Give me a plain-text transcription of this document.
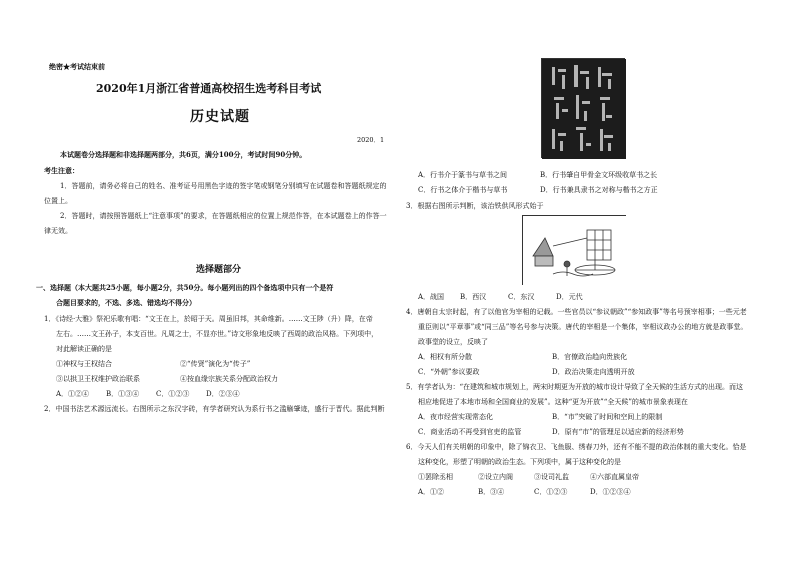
绝密★考试结束前
2020年1月浙江省普通高校招生选考科目考试
历史试题
2020．1
本试题卷分选择题和非选择题两部分，共6页，满分100分，考试时间90分钟。
考生注意：
1．答题前，请务必将自己的姓名、准考证号用黑色字迹的签字笔或钢笔分别填写在试题卷和答题纸规定的
位置上。
2．答题时，请按照答题纸上“注意事项”的要求，在答题纸相应的位置上规范作答，在本试题卷上的作答一
律无效。
选择题部分
一、选择题（本大题共25小题，每小题2分，共50分。每小题列出的四个备选项中只有一个是符
合题目要求的，不选、多选、错选均不得分）
1．《诗经·大雅》祭祀乐歌有唱：“文王在上，於昭于天。周虽旧邦，其命维新。……文王陟（升）降，在帝
左右。……文王孙子，本支百世。凡周之士，不显亦世。”诗文形象地反映了西周的政治风格。下列项中，
对此解读正确的是
①神权与王权结合	②“传贤”演化为“传子”
③以拱卫王权维护政治联系	④按血缘宗族关系分配政治权力
A．①②④ B．①③④ C．①②③ D．②③④
2．中国书法艺术源远流长。右图所示之东汉字砖，有学者研究认为系行书之滥觞肇迹，盛行于晋代。据此判断
A．行书介于篆书与草书之间	B．行书肇自甲骨金文环级收草书之长
C．行书之体介于楷书与草书	D．行书兼具隶书之对称与楷书之方正
3．根据右图所示判断，该治铁供风形式始于
A．战国 B．西汉	C．东汉	D．元代
4．唐朝自太宗时起，有了以他官为宰相的记载。一些官员以“参议朝政”“参知政事”等名号预宰相事；一些元老
重臣则以“平章事”或“同三品”等名号参与决策。唐代的宰相是一个集体，宰相议政办公的地方就是政事堂。
政事堂的设立，反映了
A．相权有所分散	B．官僚政治趋向贵族化
C．“外朝”参议要政	D．政治决策走向透明开放
5．有学者认为：“在建筑和城市规划上，两宋时期更为开放的城市设计导致了全天候的生活方式的出现。而这
相应地促进了本地市场和全国商业的发展”。这种“更为开放”“全天候”的城市景象表现在
A．夜市经营实现常态化	B．“市”突破了时间和空间上的限制
C．商业活动不再受到官吏的监管	D．原有“市”的管理足以适应新的经济形势
6．今天人们有关明朝的印象中，除了锦衣卫、飞鱼服、绣春刀外，还有不能不提的政治体制的重大变化。恰是
这种变化，形塑了明朝的政治生态。下列项中，属于这种变化的是
①罢除丞相	②设立内阁	③设司礼监	④六部直属皇帝
A．①②	B．③④	C．①②③	D．①②③④
